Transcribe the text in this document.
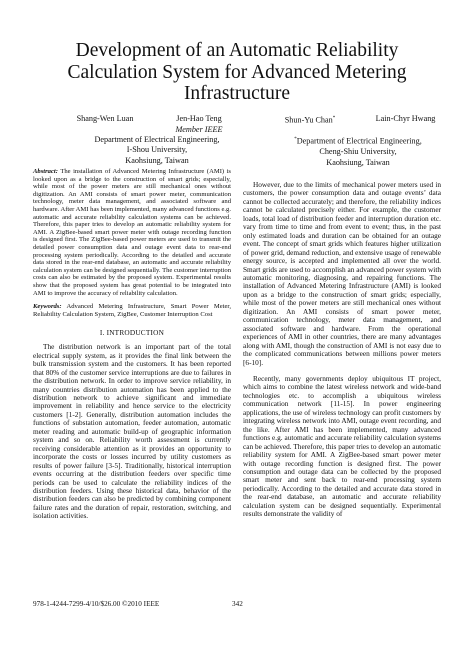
Development of an Automatic Reliability
Calculation System for Advanced Metering
Infrastructure
Shang-Wen Luan	Jen-Hao Teng
Member IEEE
Shun-Yu Chan*	Lain-Chyr Hwang
Department of Electrical Engineering,
I-Shou University,
Kaohsiung, Taiwan
*Department of Electrical Engineering,
Cheng-Shiu University,
Kaohsiung, Taiwan

Abstract: The installation of Advanced Metering Infrastructure (AMI) is looked upon as a bridge to the construction of smart grids; especially, while most of the power meters are still mechanical ones without digitization. An AMI consists of smart power meter, communication technology, meter data management, and associated software and hardware. After AMI has been implemented, many advanced functions e.g. automatic and accurate reliability calculation systems can be achieved. Therefore, this paper tries to develop an automatic reliability system for AMI. A ZigBee-based smart power meter with outage recording function is designed first. The ZigBee-based power meters are used to transmit the detailed power consumption data and outage event data to rear-end processing system periodically. According to the detailed and accurate data stored in the rear-end database, an automatic and accurate reliability calculation system can be designed sequentially. The customer interruption costs can also be estimated by the proposed system. Experimental results show that the proposed system has great potential to be integrated into AMI to improve the accuracy of reliability calculation.

Keywords: Advanced Metering Infrastructure, Smart Power Meter, Reliability Calculation System, ZigBee, Customer Interruption Cost

I. INTRODUCTION

The distribution network is an important part of the total electrical supply system, as it provides the final link between the bulk transmission system and the customers. It has been reported that 80% of the customer service interruptions are due to failures in the distribution network. In order to improve service reliability, in many countries distribution automation has been applied to the distribution network to achieve significant and immediate improvement in reliability and hence service to the electricity customers [1-2]. Generally, distribution automation includes the functions of substation automation, feeder automation, automatic meter reading and automatic build-up of geographic information system and so on. Reliability worth assessment is currently receiving considerable attention as it provides an opportunity to incorporate the costs or losses incurred by utility customers as results of power failure [3-5]. Traditionally, historical interruption events occurring at the distribution feeders over specific time periods can be used to calculate the reliability indices of the distribution feeders. Using these historical data, behavior of the distribution feeders can also be predicted by combining component failure rates and the duration of repair, restoration, switching, and isolation activities.

However, due to the limits of mechanical power meters used in customers, the power consumption data and outage events’ data cannot be collected accurately; and therefore, the reliability indices cannot be calculated precisely either. For example, the customer loads, total load of distribution feeder and interruption duration etc. vary from time to time and from event to event; thus, in the past only estimated loads and duration can be obtained for an outage event. The concept of smart grids which features higher utilization of power grid, demand reduction, and extensive usage of renewable energy source, is accepted and implemented all over the world. Smart grids are used to accomplish an advanced power system with automatic monitoring, diagnosing, and repairing functions. The installation of Advanced Metering Infrastructure (AMI) is looked upon as a bridge to the construction of smart grids; especially, while most of the power meters are still mechanical ones without digitization. An AMI consists of smart power meter, communication technology, meter data management, and associated software and hardware. From the operational experiences of AMI in other countries, there are many advantages along with AMI, though the construction of AMI is not easy due to the complicated communications between millions power meters [6-10].

Recently, many governments deploy ubiquitous IT project, which aims to combine the latest wireless network and wide-band technologies etc. to accomplish a ubiquitous wireless communication network [11-15]. In power engineering applications, the use of wireless technology can profit customers by integrating wireless network into AMI, outage event recording, and the like. After AMI has been implemented, many advanced functions e.g. automatic and accurate reliability calculation systems can be achieved. Therefore, this paper tries to develop an automatic reliability system for AMI. A ZigBee-based smart power meter with outage recording function is designed first. The power consumption and outage data can be collected by the proposed smart meter and sent back to rear-end processing system periodically. According to the detailed and accurate data stored in the rear-end database, an automatic and accurate reliability calculation system can be designed sequentially. Experimental results demonstrate the validity of

978-1-4244-7299-4/10/$26.00 ©2010 IEEE	342
